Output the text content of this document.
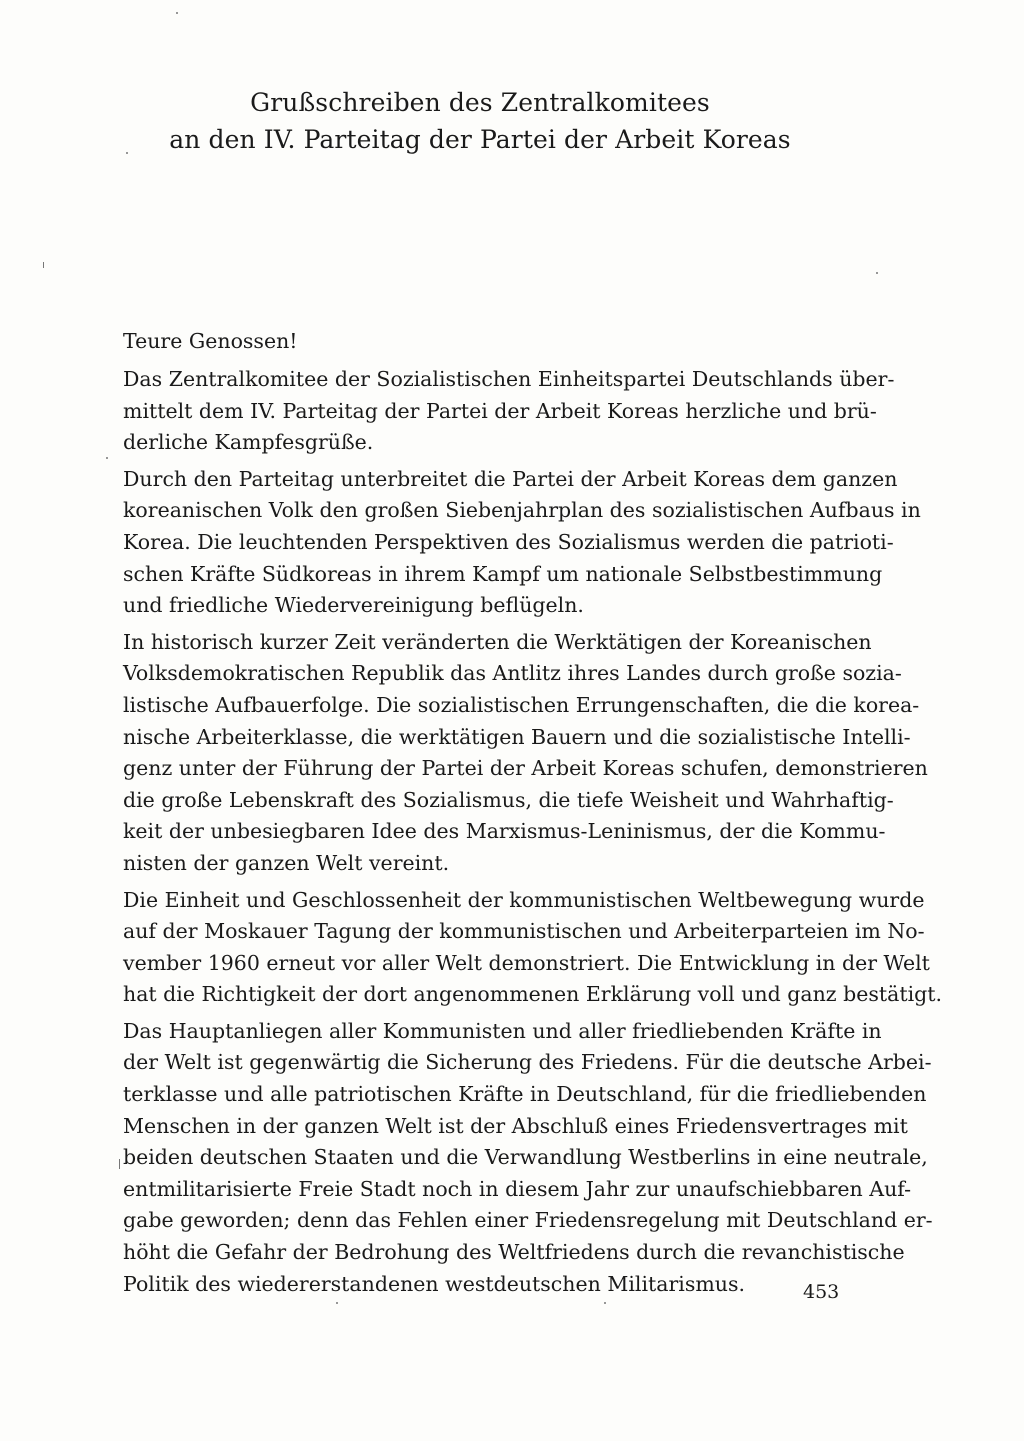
Grußschreiben des Zentralkomitees
an den IV. Parteitag der Partei der Arbeit Koreas
Teure Genossen!
Das Zentralkomitee der Sozialistischen Einheitspartei Deutschlands über-
mittelt dem IV. Parteitag der Partei der Arbeit Koreas herzliche und brü-
derliche Kampfesgrüße.
Durch den Parteitag unterbreitet die Partei der Arbeit Koreas dem ganzen
koreanischen Volk den großen Siebenjahrplan des sozialistischen Aufbaus in
Korea. Die leuchtenden Perspektiven des Sozialismus werden die patrioti-
schen Kräfte Südkoreas in ihrem Kampf um nationale Selbstbestimmung
und friedliche Wiedervereinigung beflügeln.
In historisch kurzer Zeit veränderten die Werktätigen der Koreanischen
Volksdemokratischen Republik das Antlitz ihres Landes durch große sozia-
listische Aufbauerfolge. Die sozialistischen Errungenschaften, die die korea-
nische Arbeiterklasse, die werktätigen Bauern und die sozialistische Intelli-
genz unter der Führung der Partei der Arbeit Koreas schufen, demonstrieren
die große Lebenskraft des Sozialismus, die tiefe Weisheit und Wahrhaftig-
keit der unbesiegbaren Idee des Marxismus-Leninismus, der die Kommu-
nisten der ganzen Welt vereint.
Die Einheit und Geschlossenheit der kommunistischen Weltbewegung wurde
auf der Moskauer Tagung der kommunistischen und Arbeiterparteien im No-
vember 1960 erneut vor aller Welt demonstriert. Die Entwicklung in der Welt
hat die Richtigkeit der dort angenommenen Erklärung voll und ganz bestätigt.
Das Hauptanliegen aller Kommunisten und aller friedliebenden Kräfte in
der Welt ist gegenwärtig die Sicherung des Friedens. Für die deutsche Arbei-
terklasse und alle patriotischen Kräfte in Deutschland, für die friedliebenden
Menschen in der ganzen Welt ist der Abschluß eines Friedensvertrages mit
beiden deutschen Staaten und die Verwandlung Westberlins in eine neutrale,
entmilitarisierte Freie Stadt noch in diesem Jahr zur unaufschiebbaren Auf-
gabe geworden; denn das Fehlen einer Friedensregelung mit Deutschland er-
höht die Gefahr der Bedrohung des Weltfriedens durch die revanchistische
Politik des wiedererstandenen westdeutschen Militarismus.	453
